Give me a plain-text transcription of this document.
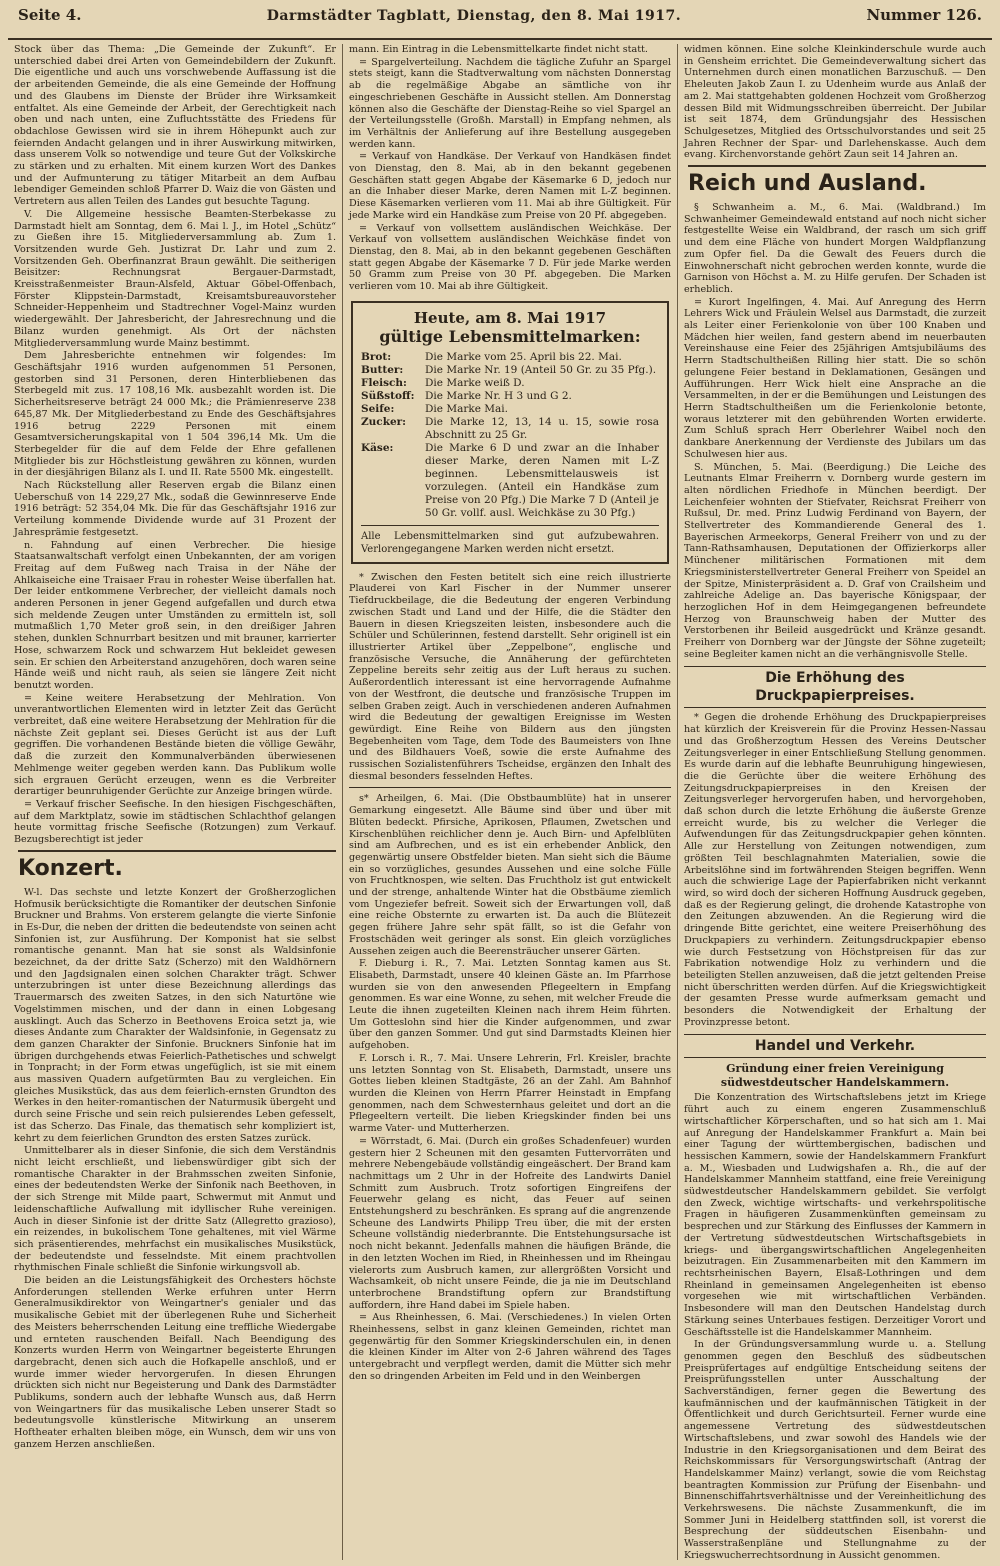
Seite 4.	Darmstädter Tagblatt, Dienstag, den 8. Mai 1917.	Nummer 126.

Stock über das Thema: „Die Gemeinde der Zukunft“. Er unterschied dabei drei Arten von Gemeindebildern der Zukunft. Die eigentliche und auch uns vorschwebende Auffassung ist die der arbeitenden Gemeinde, die als eine Gemeinde der Hoffnung und des Glaubens im Dienste der Brüder ihre Wirksamkeit entfaltet. Als eine Gemeinde der Arbeit, der Gerechtigkeit nach oben und nach unten, eine Zufluchtsstätte des Friedens für obdachlose Gewissen wird sie in ihrem Höhepunkt auch zur feiernden Andacht gelangen und in ihrer Auswirkung mitwirken, dass unserem Volk so notwendige und teure Gut der Volkskirche zu stärken und zu erhalten. Mit einem kurzen Wort des Dankes und der Aufmunterung zu tätiger Mitarbeit an dem Aufbau lebendiger Gemeinden schloß Pfarrer D. Waiz die von Gästen und Vertretern aus allen Teilen des Landes gut besuchte Tagung.

V. Die Allgemeine hessische Beamten-Sterbekasse zu Darmstadt hielt am Sonntag, dem 6. Mai l. J., im Hotel „Schütz“ zu Gießen ihre 15. Mitgliederversammlung ab. Zum 1. Vorsitzenden wurde Geh. Justizrat Dr. Lahr und zum 2. Vorsitzenden Geh. Oberfinanzrat Braun gewählt. Die seitherigen Beisitzer: Rechnungsrat Bergauer-Darmstadt, Kreisstraßenmeister Braun-Alsfeld, Aktuar Göbel-Offenbach, Förster Klippstein-Darmstadt, Kreisamtsbureauvorsteher Schneider-Heppenheim und Stadtrechner Vogel-Mainz wurden wiedergewählt. Der Jahresbericht, der Jahresrechnung und die Bilanz wurden genehmigt. Als Ort der nächsten Mitgliederversammlung wurde Mainz bestimmt.

Dem Jahresberichte entnehmen wir folgendes: Im Geschäftsjahr 1916 wurden aufgenommen 51 Personen, gestorben sind 31 Personen, deren Hinterbliebenen das Sterbegeld mit zus. 17 108,16 Mk. ausbezahlt worden ist. Die Sicherheitsreserve beträgt 24 000 Mk.; die Prämienreserve 238 645,87 Mk. Der Mitgliederbestand zu Ende des Geschäftsjahres 1916 betrug 2229 Personen mit einem Gesamtversicherungskapital von 1 504 396,14 Mk. Um die Sterbegelder für die auf dem Felde der Ehre gefallenen Mitglieder bis zur Höchstleistung gewähren zu können, wurden in der diesjährigen Bilanz als I. und II. Rate 5500 Mk. eingestellt.

Nach Rückstellung aller Reserven ergab die Bilanz einen Ueberschuß von 14 229,27 Mk., sodaß die Gewinnreserve Ende 1916 beträgt: 52 354,04 Mk. Die für das Geschäftsjahr 1916 zur Verteilung kommende Dividende wurde auf 31 Prozent der Jahresprämie festgesetzt.

n. Fahndung auf einen Verbrecher. Die hiesige Staatsanwaltschaft verfolgt einen Unbekannten, der am vorigen Freitag auf dem Fußweg nach Traisa in der Nähe der Ahlkaiseiche eine Traisaer Frau in rohester Weise überfallen hat. Der leider entkommene Verbrecher, der vielleicht damals noch anderen Personen in jener Gegend aufgefallen und durch etwa sich meldende Zeugen unter Umständen zu ermitteln ist, soll mutmaßlich 1,70 Meter groß sein, in den dreißiger Jahren stehen, dunklen Schnurrbart besitzen und mit brauner, karrierter Hose, schwarzem Rock und schwarzem Hut bekleidet gewesen sein. Er schien den Arbeiterstand anzugehören, doch waren seine Hände weiß und nicht rauh, als seien sie längere Zeit nicht benutzt worden.

= Keine weitere Herabsetzung der Mehlration. Von unverantwortlichen Elementen wird in letzter Zeit das Gerücht verbreitet, daß eine weitere Herabsetzung der Mehlration für die nächste Zeit geplant sei. Dieses Gerücht ist aus der Luft gegriffen. Die vorhandenen Bestände bieten die völlige Gewähr, daß die zurzeit den Kommunalverbänden überwiesenen Mehlmenge weiter gegeben werden kann. Das Publikum wolle sich ergrauen Gerücht erzeugen, wenn es die Verbreiter derartiger beunruhigender Gerüchte zur Anzeige bringen würde.

= Verkauf frischer Seefische. In den hiesigen Fischgeschäften, auf dem Marktplatz, sowie im städtischen Schlachthof gelangen heute vormittag frische Seefische (Rotzungen) zum Verkauf. Bezugsberechtigt ist jeder

Konzert.

W-l. Das sechste und letzte Konzert der Großherzoglichen Hofmusik berücksichtigte die Romantiker der deutschen Sinfonie Bruckner und Brahms. Von ersterem gelangte die vierte Sinfonie in Es-Dur, die neben der dritten die bedeutendste von seinen acht Sinfonien ist, zur Ausführung. Der Komponist hat sie selbst romantische genannt. Man hat sie sonst als Waldsinfonie bezeichnet, da der dritte Satz (Scherzo) mit den Waldhörnern und den Jagdsignalen einen solchen Charakter trägt. Schwer unterzubringen ist unter diese Bezeichnung allerdings das Trauermarsch des zweiten Satzes, in den sich Naturtöne wie Vogelstimmen mischen, und der dann in einen Lobgesang ausklingt. Auch das Scherzo in Beethovens Eroica setzt ja, wie dieses Andante zum Charakter der Waldsinfonie, in Gegensatz zu dem ganzen Charakter der Sinfonie. Bruckners Sinfonie hat im übrigen durchgehends etwas Feierlich-Pathetisches und schwelgt in Tonpracht; in der Form etwas ungefüglich, ist sie mit einem aus massiven Quadern aufgetürmten Bau zu vergleichen. Ein gleiches Musikstück, das aus dem feierlich-ernsten Grundton des Werkes in den heiter-romantischen der Naturmusik übergeht und durch seine Frische und sein reich pulsierendes Leben gefesselt, ist das Scherzo. Das Finale, das thematisch sehr kompliziert ist, kehrt zu dem feierlichen Grundton des ersten Satzes zurück.

Unmittelbarer als in dieser Sinfonie, die sich dem Verständnis nicht leicht erschließt, und liebenswürdiger gibt sich der romantische Charakter in der Brahmsschen zweiten Sinfonie, eines der bedeutendsten Werke der Sinfonik nach Beethoven, in der sich Strenge mit Milde paart, Schwermut mit Anmut und leidenschaftliche Aufwallung mit idyllischer Ruhe vereinigen. Auch in dieser Sinfonie ist der dritte Satz (Allegretto grazioso), ein reizendes, in bukolischem Tone gehaltenes, mit viel Wärme sich präsentierendes, mehrfachst ein musikalisches Musikstück, der bedeutendste und fesselndste. Mit einem prachtvollen rhythmischen Finale schließt die Sinfonie wirkungsvoll ab.

Die beiden an die Leistungsfähigkeit des Orchesters höchste Anforderungen stellenden Werke erfuhren unter Herrn Generalmusikdirektor von Weingartner's genialer und das musikalische Gebiet mit der überlegenen Ruhe und Sicherheit des Meisters beherrschenden Leitung eine treffliche Wiedergabe und ernteten rauschenden Beifall. Nach Beendigung des Konzerts wurden Herrn von Weingartner begeisterte Ehrungen dargebracht, denen sich auch die Hofkapelle anschloß, und er wurde immer wieder hervorgerufen. In diesen Ehrungen drückten sich nicht nur Begeisterung und Dank des Darmstädter Publikums, sondern auch der lebhafte Wunsch aus, daß Herrn von Weingartners für das musikalische Leben unserer Stadt so bedeutungsvolle künstlerische Mitwirkung an unserem Hoftheater erhalten bleiben möge, ein Wunsch, dem wir uns von ganzem Herzen anschließen.

mann. Ein Eintrag in die Lebensmittelkarte findet nicht statt.

= Spargelverteilung. Nachdem die tägliche Zufuhr an Spargel stets steigt, kann die Stadtverwaltung vom nächsten Donnerstag ab die regelmäßige Abgabe an sämtliche von ihr eingeschriebenen Geschäfte in Aussicht stellen. Am Donnerstag können also die Geschäfte der Dienstag-Reihe so viel Spargel an der Verteilungsstelle (Großh. Marstall) in Empfang nehmen, als im Verhältnis der Anlieferung auf ihre Bestellung ausgegeben werden kann.

= Verkauf von Handkäse. Der Verkauf von Handkäsen findet von Dienstag, den 8. Mai, ab in den bekannt gegebenen Geschäften statt gegen Abgabe der Käsemarke 6 D, jedoch nur an die Inhaber dieser Marke, deren Namen mit L-Z beginnen. Diese Käsemarken verlieren vom 11. Mai ab ihre Gültigkeit. Für jede Marke wird ein Handkäse zum Preise von 20 Pf. abgegeben.

= Verkauf von vollsettem ausländischen Weichkäse. Der Verkauf von vollsettem ausländischen Weichkäse findet von Dienstag, den 8. Mai, ab in den bekannt gegebenen Geschäften statt gegen Abgabe der Käsemarke 7 D. Für jede Marke werden 50 Gramm zum Preise von 30 Pf. abgegeben. Die Marken verlieren vom 10. Mai ab ihre Gültigkeit.

Heute, am 8. Mai 1917
gültige Lebensmittelmarken:
Brot:	Die Marke vom 25. April bis 22. Mai.
Butter:	Die Marke Nr. 19 (Anteil 50 Gr. zu 35 Pfg.).
Fleisch:	Die Marke weiß D.
Süßstoff:	Die Marke Nr. H 3 und G 2.
Seife:	Die Marke Mai.
Zucker:	Die Marke 12, 13, 14 u. 15, sowie rosa Abschnitt zu 25 Gr.
Käse:	Die Marke 6 D und zwar an die Inhaber dieser Marke, deren Namen mit L-Z beginnen. Lebensmittelausweis ist vorzulegen. (Anteil ein Handkäse zum Preise von 20 Pfg.) Die Marke 7 D (Anteil je 50 Gr. vollf. ausl. Weichkäse zu 30 Pfg.)
Alle Lebensmittelmarken sind gut aufzubewahren. Verlorengegangene Marken werden nicht ersetzt.

* Zwischen den Festen betitelt sich eine reich illustrierte Plauderei von Karl Fischer in der Nummer unserer Tiefdruckbeilage, die die Bedeutung der engeren Verbindung zwischen Stadt und Land und der Hilfe, die die Städter den Bauern in diesen Kriegszeiten leisten, insbesondere auch die Schüler und Schülerinnen, festend darstellt. Sehr originell ist ein illustrierter Artikel über „Zeppelbone“, englische und französische Versuche, die Annäherung der gefürchteten Zeppeline bereits sehr zeitig aus der Luft heraus zu suchen. Außerordentlich interessant ist eine hervorragende Aufnahme von der Westfront, die deutsche und französische Truppen im selben Graben zeigt. Auch in verschiedenen anderen Aufnahmen wird die Bedeutung der gewaltigen Ereignisse im Westen gewürdigt. Eine Reihe von Bildern aus den jüngsten Begebenheiten vom Tage, dem Tode des Baumeisters von Ihne und des Bildhauers Voeß, sowie die erste Aufnahme des russischen Sozialistenführers Tscheidse, ergänzen den Inhalt des diesmal besonders fesselnden Heftes.

s* Arheilgen, 6. Mai. (Die Obstbaumblüte) hat in unserer Gemarkung eingesetzt. Alle Bäume sind über und über mit Blüten bedeckt. Pfirsiche, Aprikosen, Pflaumen, Zwetschen und Kirschenblühen reichlicher denn je. Auch Birn- und Apfelblüten sind am Aufbrechen, und es ist ein erhebender Anblick, den gegenwärtig unsere Obstfelder bieten. Man sieht sich die Bäume ein so vorzügliches, gesundes Aussehen und eine solche Fülle von Fruchtknospen, wie selten. Das Fruchtholz ist gut entwickelt und der strenge, anhaltende Winter hat die Obstbäume ziemlich vom Ungeziefer befreit. Soweit sich der Erwartungen voll, daß eine reiche Obsternte zu erwarten ist. Da auch die Blütezeit gegen frühere Jahre sehr spät fällt, so ist die Gefahr von Frostschäden weit geringer als sonst. Ein gleich vorzügliches Aussehen zeigen auch die Beerensträucher unserer Gärten.

F. Dieburg i. R., 7. Mai. Letzten Sonntag kamen aus St. Elisabeth, Darmstadt, unsere 40 kleinen Gäste an. Im Pfarrhose wurden sie von den anwesenden Pflegeeltern in Empfang genommen. Es war eine Wonne, zu sehen, mit welcher Freude die Leute die ihnen zugeteilten Kleinen nach ihrem Heim führten. Um Gotteslohn sind hier die Kinder aufgenommen, und zwar über den ganzen Sommer. Und gut sind Darmstadts Kleinen hier aufgehoben.

F. Lorsch i. R., 7. Mai. Unsere Lehrerin, Frl. Kreisler, brachte uns letzten Sonntag von St. Elisabeth, Darmstadt, unsere uns Gottes lieben kleinen Stadtgäste, 26 an der Zahl. Am Bahnhof wurden die Kleinen von Herrn Pfarrer Heinstadt in Empfang genommen, nach dem Schwesternhaus geleitet und dort an die Pflegeeltern verteilt. Die lieben Kriegskinder finden bei uns warme Vater- und Mutterherzen.

= Wörrstadt, 6. Mai. (Durch ein großes Schadenfeuer) wurden gestern hier 2 Scheunen mit den gesamten Futtervorräten und mehrere Nebengebäude vollständig eingeäschert. Der Brand kam nachmittags um 2 Uhr in der Hofreite des Landwirts Daniel Schmitt zum Ausbruch. Trotz sofortigen Eingreifens der Feuerwehr gelang es nicht, das Feuer auf seinen Entstehungsherd zu beschränken. Es sprang auf die angrenzende Scheune des Landwirts Philipp Treu über, die mit der ersten Scheune vollständig niederbrannte. Die Entstehungsursache ist noch nicht bekannt. Jedenfalls mahnen die häufigen Brände, die in den letzten Wochen im Ried, in Rheinhessen und im Rheingau vielerorts zum Ausbruch kamen, zur allergrößten Vorsicht und Wachsamkeit, ob nicht unsere Feinde, die ja nie im Deutschland unterbrochene Brandstiftung opfern zur Brandstiftung auffordern, ihre Hand dabei im Spiele haben.

= Aus Rheinhessen, 6. Mai. (Verschiedenes.) In vielen Orten Rheinhessens, selbst in ganz kleinen Gemeinden, richtet man gegenwärtig für den Sommer Kriegskinderschulen ein, in denen die kleinen Kinder im Alter von 2-6 Jahren während des Tages untergebracht und verpflegt werden, damit die Mütter sich mehr den so dringenden Arbeiten im Feld und in den Weinbergen

widmen können. Eine solche Kleinkinderschule wurde auch in Gensheim errichtet. Die Gemeindeverwaltung sichert das Unternehmen durch einen monatlichen Barzuschuß. — Den Eheleuten Jakob Zaun I. zu Udenheim wurde aus Anlaß der am 2. Mai stattgehabten goldenen Hochzeit vom Großherzog dessen Bild mit Widmungsschreiben überreicht. Der Jubilar ist seit 1874, dem Gründungsjahr des Hessischen Schulgesetzes, Mitglied des Ortsschulvorstandes und seit 25 Jahren Rechner der Spar- und Darlehenskasse. Auch dem evang. Kirchenvorstande gehört Zaun seit 14 Jahren an.

Reich und Ausland.

§ Schwanheim a. M., 6. Mai. (Waldbrand.) Im Schwanheimer Gemeindewald entstand auf noch nicht sicher festgestellte Weise ein Waldbrand, der rasch um sich griff und dem eine Fläche von hundert Morgen Waldpflanzung zum Opfer fiel. Da die Gewalt des Feuers durch die Einwohnerschaft nicht gebrochen werden konnte, wurde die Garnison von Höchst a. M. zu Hilfe gerufen. Der Schaden ist erheblich.

= Kurort Ingelfingen, 4. Mai. Auf Anregung des Herrn Lehrers Wick und Fräulein Welsel aus Darmstadt, die zurzeit als Leiter einer Ferienkolonie von über 100 Knaben und Mädchen hier weilen, fand gestern abend im neuerbauten Vereinshause eine Feier des 25jährigen Amtsjubiläums des Herrn Stadtschultheißen Rilling hier statt. Die so schön gelungene Feier bestand in Deklamationen, Gesängen und Aufführungen. Herr Wick hielt eine Ansprache an die Versammelten, in der er die Bemühungen und Leistungen des Herrn Stadtschultheißen um die Ferienkolonie betonte, woraus letzterer mit den gebührenden Worten erwiderte. Zum Schluß sprach Herr Oberlehrer Waibel noch den dankbare Anerkennung der Verdienste des Jubilars um das Schulwesen hier aus.

S. München, 5. Mai. (Beerdigung.) Die Leiche des Leutnants Elmar Freiherrn v. Dornberg wurde gestern im alten nördlichen Friedhofe in München beerdigt. Der Leichenfeier wohnten der Stiefvater, Reichsrat Freiherr von Rußsul, Dr. med. Prinz Ludwig Ferdinand von Bayern, der Stellvertreter des Kommandierende General des 1. Bayerischen Armeekorps, General Freiherr von und zu der Tann-Rathsamhausen, Deputationen der Offizierkorps aller Münchener militärischen Formationen mit dem Kriegsministerstellvertreter General Freiherr von Speidel an der Spitze, Ministerpräsident a. D. Graf von Crailsheim und zahlreiche Adelige an. Das bayerische Königspaar, der herzoglichen Hof in dem Heimgegangenen befreundete Herzog von Braunschweig haben der Mutter des Verstorbenen ihr Beileid ausgedrückt und Kränze gesandt. Freiherr von Dornberg war der Jüngste der Söhne zugeteilt; seine Begleiter kamen nicht an die verhängnisvolle Stelle.

Die Erhöhung des Druckpapierpreises.

* Gegen die drohende Erhöhung des Druckpapierpreises hat kürzlich der Kreisverein für die Provinz Hessen-Nassau und das Großherzogtum Hessen des Vereins Deutscher Zeitungsverleger in einer Entschließung Stellung genommen. Es wurde darin auf die lebhafte Beunruhigung hingewiesen, die die Gerüchte über die weitere Erhöhung des Zeitungsdruckpapierpreises in den Kreisen der Zeitungsverleger hervorgerufen haben, und hervorgehoben, daß schon durch die letzte Erhöhung die äußerste Grenze erreicht wurde, bis zu welcher die Verleger die Aufwendungen für das Zeitungsdruckpapier gehen könnten. Alle zur Herstellung von Zeitungen notwendigen, zum größten Teil beschlagnahmten Materialien, sowie die Arbeitslöhne sind im fortwährenden Steigen begriffen. Wenn auch die schwierige Lage der Papierfabriken nicht verkannt wird, so wird doch der sicheren Hoffnung Ausdruck gegeben, daß es der Regierung gelingt, die drohende Katastrophe von den Zeitungen abzuwenden. An die Regierung wird die dringende Bitte gerichtet, eine weitere Preiserhöhung des Druckpapiers zu verhindern. Zeitungsdruckpapier ebenso wie durch Festsetzung von Höchstpreisen für das zur Fabrikation notwendige Holz zu verhindern und die beteiligten Stellen anzuweisen, daß die jetzt geltenden Preise nicht überschritten werden dürfen. Auf die Kriegswichtigkeit der gesamten Presse wurde aufmerksam gemacht und besonders die Notwendigkeit der Erhaltung der Provinzpresse betont.

Handel und Verkehr.
Gründung einer freien Vereinigung südwestdeutscher Handelskammern.

Die Konzentration des Wirtschaftslebens jetzt im Kriege führt auch zu einem engeren Zusammenschluß wirtschaftlicher Körperschaften, und so hat sich am 1. Mai auf Anregung der Handelskammer Frankfurt a. Main bei einer Tagung der württembergischen, badischen und hessischen Kammern, sowie der Handelskammern Frankfurt a. M., Wiesbaden und Ludwigshafen a. Rh., die auf der Handelskammer Mannheim stattfand, eine freie Vereinigung südwestdeutscher Handelskammern gebildet. Sie verfolgt den Zweck, wichtige wirtschafts- und verkehrspolitische Fragen in häufigeren Zusammenkünften gemeinsam zu besprechen und zur Stärkung des Einflusses der Kammern in der Vertretung südwestdeutschen Wirtschaftsgebiets in kriegs- und übergangswirtschaftlichen Angelegenheiten beizutragen. Ein Zusammenarbeiten mit den Kammern im rechtsrheinischen Bayern, Elsaß-Lothringen und dem Rheinland in gemeinsamen Angelegenheiten ist ebenso vorgesehen wie mit wirtschaftlichen Verbänden. Insbesondere will man den Deutschen Handelstag durch Stärkung seines Unterbaues festigen. Derzeitiger Vorort und Geschäftsstelle ist die Handelskammer Mannheim.

In der Gründungsversammlung wurde u. a. Stellung genommen gegen den Beschluß des südbeutschen Preisprüfertages auf endgültige Entscheidung seitens der Preisprüfungsstellen unter Ausschaltung der Sachverständigen, ferner gegen die Bewertung des kaufmännischen und der kaufmännischen Tätigkeit in der Öffentlichkeit und durch Gerichtsurteil. Ferner wurde eine angemessene Vertretung des südwestdeutschen Wirtschaftslebens, und zwar sowohl des Handels wie der Industrie in den Kriegsorganisationen und dem Beirat des Reichskommissars für Versorgungswirtschaft (Antrag der Handelskammer Mainz) verlangt, sowie die vom Reichstag beantragten Kommission zur Prüfung der Eisenbahn- und Binnenschiffahrtsverhältnisse und der Vereinheitlichung des Verkehrswesens. Die nächste Zusammenkunft, die im Sommer Juni in Heidelberg stattfinden soll, ist vorerst die Besprechung der süddeutschen Eisenbahn- und Wasserstraßenpläne und Stellungnahme zu der Kriegswucherrechtsordnung in Aussicht genommen.
